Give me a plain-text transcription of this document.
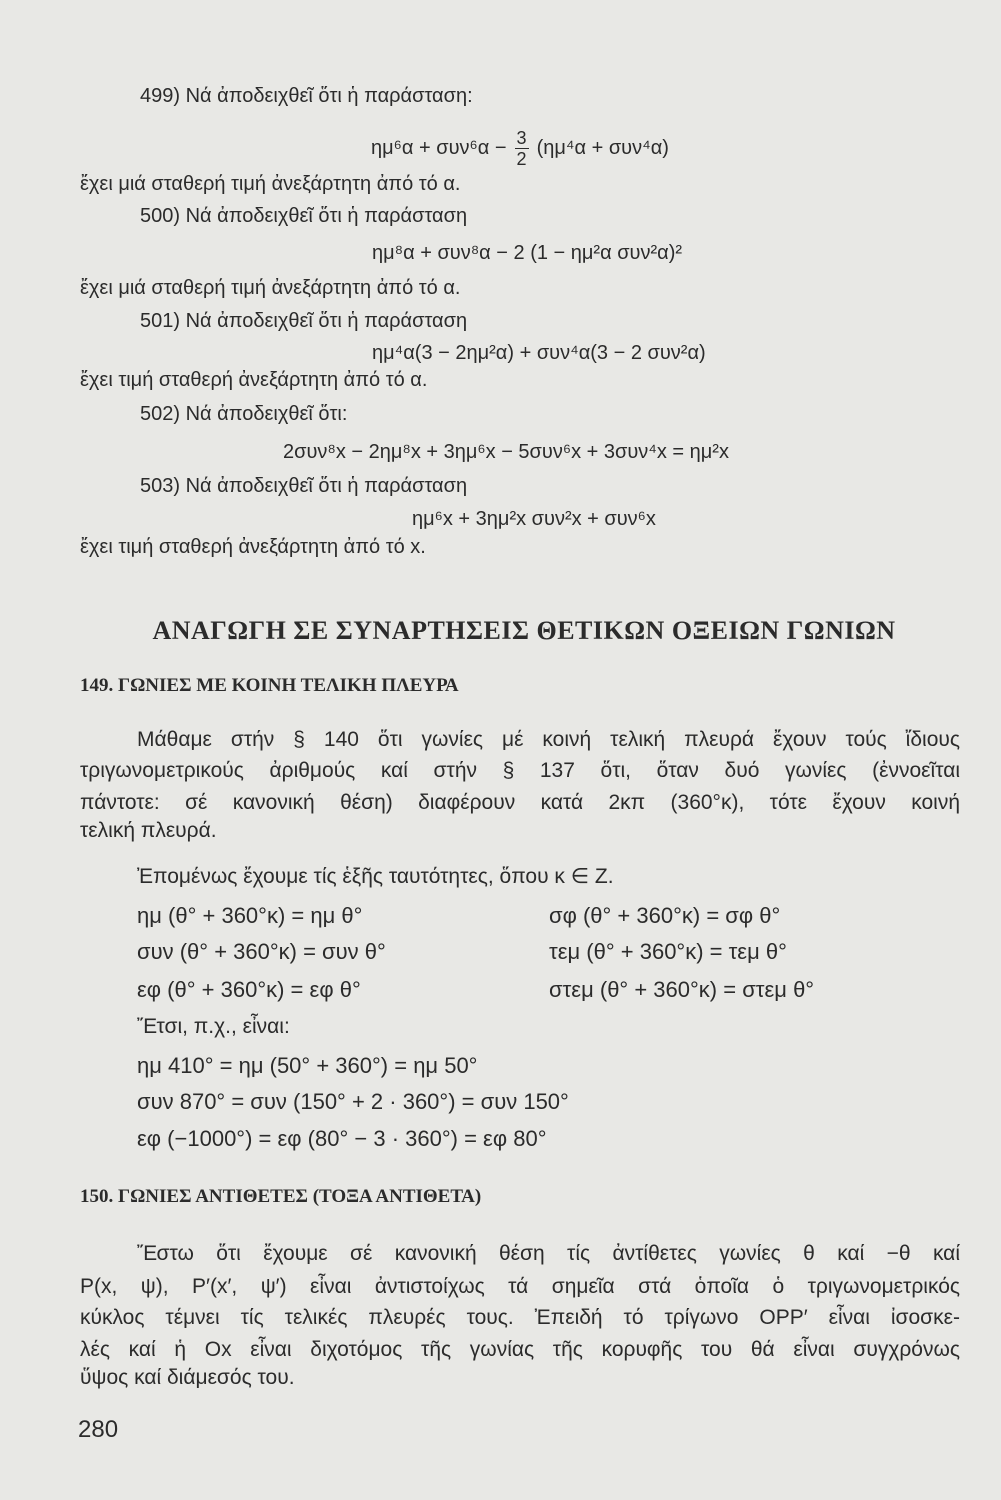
499) Νά ἀποδειχθεῖ ὅτι ἡ παράσταση:
$\eta\mu^6\alpha + \sigma\upsilon\nu^6\alpha - \frac{3}{2} (\eta\mu^4\alpha + \sigma\upsilon\nu^4\alpha)$
ἔχει μιά σταθερή τιμή ἀνεξάρτητη ἀπό τό α.
500) Νά ἀποδειχθεῖ ὅτι ἡ παράσταση
ημ⁸α + συν⁸α − 2 (1 − ημ²α συν²α)²
ἔχει μιά σταθερή τιμή ἀνεξάρτητη ἀπό τό α.
501) Νά ἀποδειχθεῖ ὅτι ἡ παράσταση
ημ⁴α(3 − 2ημ²α) + συν⁴α(3 − 2 συν²α)
ἔχει τιμή σταθερή ἀνεξάρτητη ἀπό τό α.
502) Νά ἀποδειχθεῖ ὅτι:
2συν⁸x − 2ημ⁸x + 3ημ⁶x − 5συν⁶x + 3συν⁴x = ημ²x
503) Νά ἀποδειχθεῖ ὅτι ἡ παράσταση
ημ⁶x + 3ημ²x συν²x + συν⁶x
ἔχει τιμή σταθερή ἀνεξάρτητη ἀπό τό x.
ΑΝΑΓΩΓΗ ΣΕ ΣΥΝΑΡΤΗΣΕΙΣ ΘΕΤΙΚΩΝ ΟΞΕΙΩΝ ΓΩΝΙΩΝ
149. ΓΩΝΙΕΣ ΜΕ ΚΟΙΝΗ ΤΕΛΙΚΗ ΠΛΕΥΡΑ
Μάθαμε στήν § 140 ὅτι γωνίες μέ κοινή τελική πλευρά ἔχουν τούς ἴδιους
τριγωνομετρικούς ἀριθμούς καί στήν § 137 ὅτι, ὅταν δυό γωνίες (ἐννοεῖται
πάντοτε: σέ κανονική θέση) διαφέρουν κατά 2κπ (360°κ), τότε ἔχουν κοινή
τελική πλευρά.
Ἐπομένως ἔχουμε τίς ἑξῆς ταυτότητες, ὅπου κ ∈ Z.
ημ (θ° + 360°κ) = ημ θ°
συν (θ° + 360°κ) = συν θ°
εφ (θ° + 360°κ) = εφ θ°
σφ (θ° + 360°κ) = σφ θ°
τεμ (θ° + 360°κ) = τεμ θ°
στεμ (θ° + 360°κ) = στεμ θ°
Ἔτσι, π.χ., εἶναι:
ημ 410° = ημ (50° + 360°) = ημ 50°
συν 870° = συν (150° + 2 · 360°) = συν 150°
εφ (−1000°) = εφ (80° − 3 · 360°) = εφ 80°
150. ΓΩΝΙΕΣ ΑΝΤΙΘΕΤΕΣ (ΤΟΞΑ ΑΝΤΙΘΕΤΑ)
Ἔστω ὅτι ἔχουμε σέ κανονική θέση τίς ἀντίθετες γωνίες θ καί −θ καί
P(x, ψ), P′(x′, ψ′) εἶναι ἀντιστοίχως τά σημεῖα στά ὁποῖα ὁ τριγωνομετρικός
κύκλος τέμνει τίς τελικές πλευρές τους. Ἐπειδή τό τρίγωνο ΟΡΡ′ εἶναι ἰσοσκε-
λές καί ἡ Οx εἶναι διχοτόμος τῆς γωνίας τῆς κορυφῆς του θά εἶναι συγχρόνως
ὕψος καί διάμεσός του.
280
